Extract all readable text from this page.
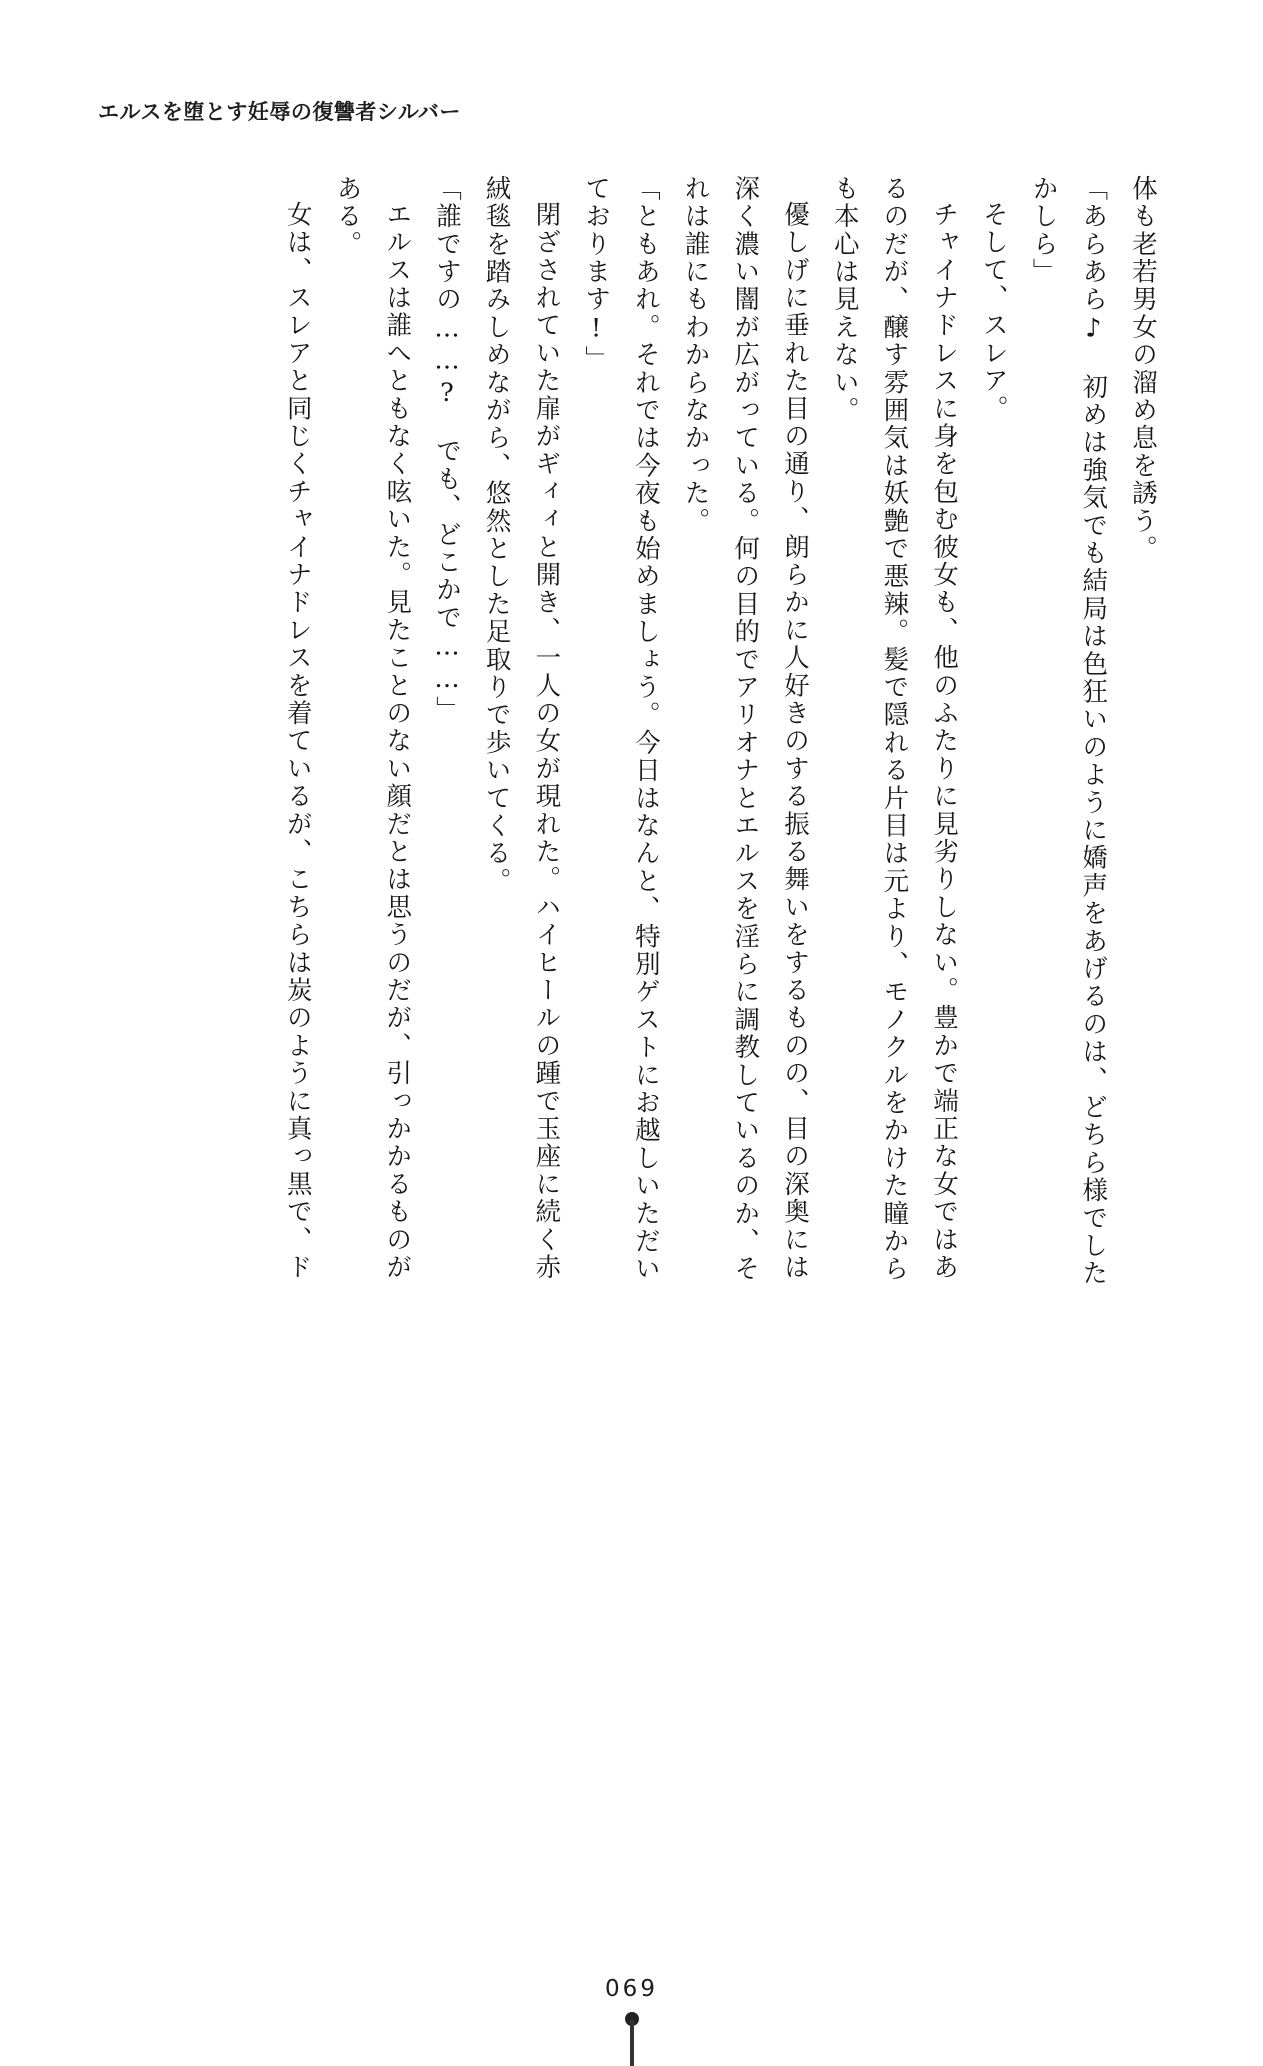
エルスを堕とす妊辱の復讐者シルバー

体も老若男女の溜め息を誘う。

「あらあら♪　初めは強気でも結局は色狂いのように嬌声をあげるのは、どちら様でしたかしら」

そして、スレア。

チャイナドレスに身を包む彼女も、他のふたりに見劣りしない。豊かで端正な女ではあるのだが、醸す雰囲気は妖艶で悪辣。髪で隠れる片目は元より、モノクルをかけた瞳からも本心は見えない。

優しげに垂れた目の通り、朗らかに人好きのする振る舞いをするものの、目の深奥には深く濃い闇が広がっている。何の目的でアリオナとエルスを淫らに調教しているのか、それは誰にもわからなかった。

「ともあれ。それでは今夜も始めましょう。今日はなんと、特別ゲストにお越しいただいております!」

閉ざされていた扉がギィィと開き、一人の女が現れた。ハイヒールの踵で玉座に続く赤絨毯を踏みしめながら、悠然とした足取りで歩いてくる。

「誰ですの……?　でも、どこかで……」

エルスは誰へともなく呟いた。見たことのない顔だとは思うのだが、引っかかるものがある。

女は、スレアと同じくチャイナドレスを着ているが、こちらは炭のように真っ黒で、ド

069
